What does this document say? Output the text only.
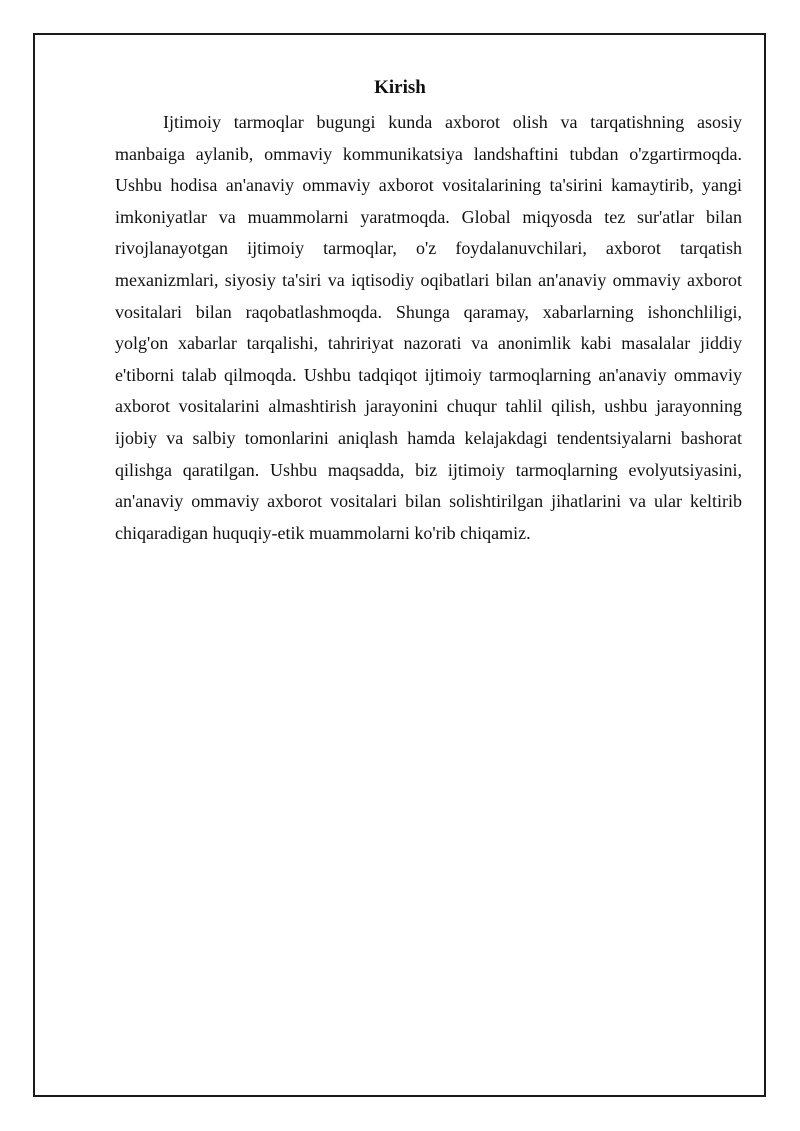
Kirish

Ijtimoiy tarmoqlar bugungi kunda axborot olish va tarqatishning asosiy manbaiga aylanib, ommaviy kommunikatsiya landshaftini tubdan o'zgartirmoqda. Ushbu hodisa an'anaviy ommaviy axborot vositalarining ta'sirini kamaytirib, yangi imkoniyatlar va muammolarni yaratmoqda. Global miqyosda tez sur'atlar bilan rivojlanayotgan ijtimoiy tarmoqlar, o'z foydalanuvchilari, axborot tarqatish mexanizmlari, siyosiy ta'siri va iqtisodiy oqibatlari bilan an'anaviy ommaviy axborot vositalari bilan raqobatlashmoqda. Shunga qaramay, xabarlarning ishonchliligi, yolg'on xabarlar tarqalishi, tahririyat nazorati va anonimlik kabi masalalar jiddiy e'tiborni talab qilmoqda. Ushbu tadqiqot ijtimoiy tarmoqlarning an'anaviy ommaviy axborot vositalarini almashtirish jarayonini chuqur tahlil qilish, ushbu jarayonning ijobiy va salbiy tomonlarini aniqlash hamda kelajakdagi tendentsiyalarni bashorat qilishga qaratilgan. Ushbu maqsadda, biz ijtimoiy tarmoqlarning evolyutsiyasini, an'anaviy ommaviy axborot vositalari bilan solishtirilgan jihatlarini va ular keltirib chiqaradigan huquqiy-etik muammolarni ko'rib chiqamiz.
